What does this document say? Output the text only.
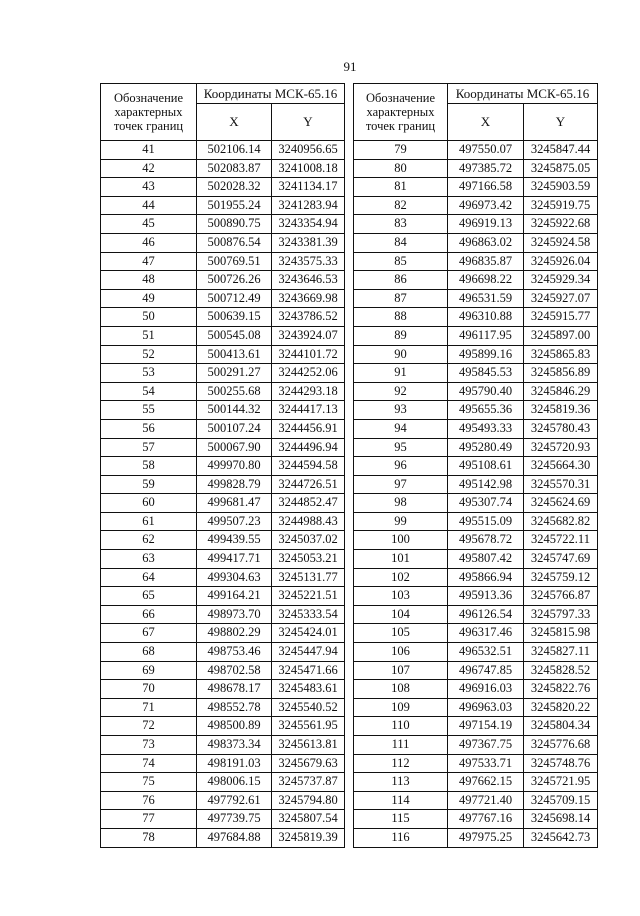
91
Обозначение характерных точек границ	Координаты МСК-65.16	
	X	Y
41	502106.14	3240956.65
42	502083.87	3241008.18
43	502028.32	3241134.17
44	501955.24	3241283.94
45	500890.75	3243354.94
46	500876.54	3243381.39
47	500769.51	3243575.33
48	500726.26	3243646.53
49	500712.49	3243669.98
50	500639.15	3243786.52
51	500545.08	3243924.07
52	500413.61	3244101.72
53	500291.27	3244252.06
54	500255.68	3244293.18
55	500144.32	3244417.13
56	500107.24	3244456.91
57	500067.90	3244496.94
58	499970.80	3244594.58
59	499828.79	3244726.51
60	499681.47	3244852.47
61	499507.23	3244988.43
62	499439.55	3245037.02
63	499417.71	3245053.21
64	499304.63	3245131.77
65	499164.21	3245221.51
66	498973.70	3245333.54
67	498802.29	3245424.01
68	498753.46	3245447.94
69	498702.58	3245471.66
70	498678.17	3245483.61
71	498552.78	3245540.52
72	498500.89	3245561.95
73	498373.34	3245613.81
74	498191.03	3245679.63
75	498006.15	3245737.87
76	497792.61	3245794.80
77	497739.75	3245807.54
78	497684.88	3245819.39
Обозначение характерных точек границ	Координаты МСК-65.16	
	X	Y
79	497550.07	3245847.44
80	497385.72	3245875.05
81	497166.58	3245903.59
82	496973.42	3245919.75
83	496919.13	3245922.68
84	496863.02	3245924.58
85	496835.87	3245926.04
86	496698.22	3245929.34
87	496531.59	3245927.07
88	496310.88	3245915.77
89	496117.95	3245897.00
90	495899.16	3245865.83
91	495845.53	3245856.89
92	495790.40	3245846.29
93	495655.36	3245819.36
94	495493.33	3245780.43
95	495280.49	3245720.93
96	495108.61	3245664.30
97	495142.98	3245570.31
98	495307.74	3245624.69
99	495515.09	3245682.82
100	495678.72	3245722.11
101	495807.42	3245747.69
102	495866.94	3245759.12
103	495913.36	3245766.87
104	496126.54	3245797.33
105	496317.46	3245815.98
106	496532.51	3245827.11
107	496747.85	3245828.52
108	496916.03	3245822.76
109	496963.03	3245820.22
110	497154.19	3245804.34
111	497367.75	3245776.68
112	497533.71	3245748.76
113	497662.15	3245721.95
114	497721.40	3245709.15
115	497767.16	3245698.14
116	497975.25	3245642.73
